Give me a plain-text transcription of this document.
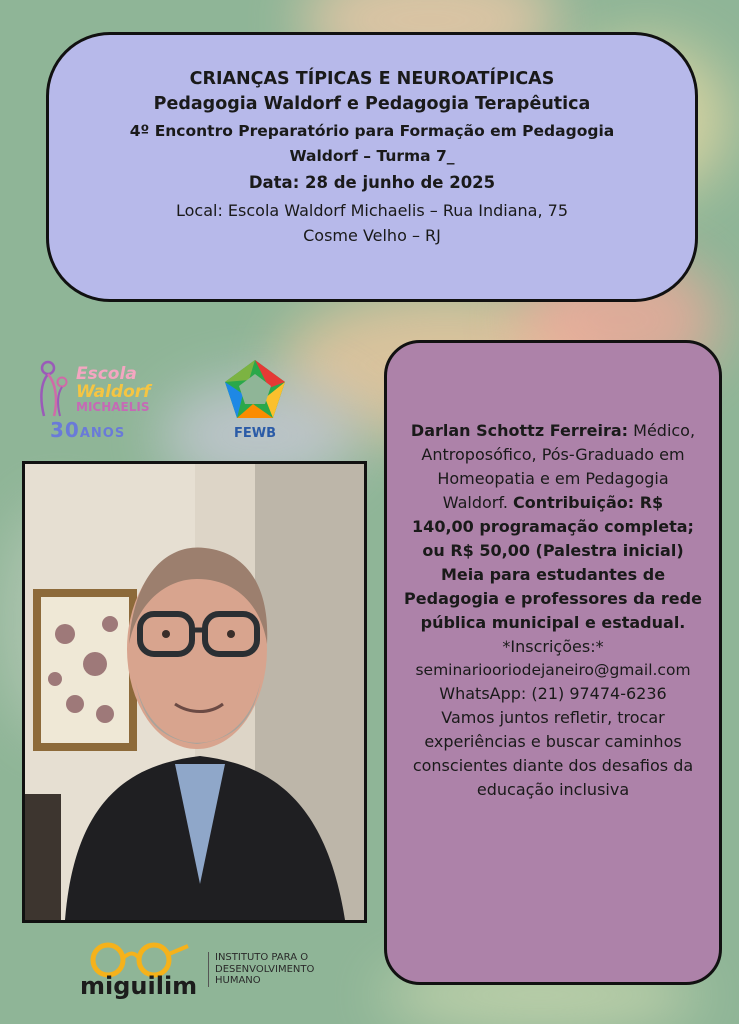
CRIANÇAS TÍPICAS E NEUROATÍPICAS
Pedagogia Waldorf e Pedagogia Terapêutica
4º Encontro Preparatório para Formação em Pedagogia
Waldorf – Turma 7_
Data: 28 de junho de 2025
Local: Escola Waldorf Michaelis – Rua Indiana, 75
Cosme Velho – RJ
Escola
Waldorf
MICHAELIS
30ANOS	FEWB	Darlan Schottz Ferreira: Médico,
Antroposófico, Pós-Graduado em
Homeopatia e em Pedagogia
Waldorf. Contribuição: R$
140,00 programação completa;
ou R$ 50,00 (Palestra inicial)
Meia para estudantes de
Pedagogia e professores da rede
pública municipal e estadual.
*Inscrições:*
seminariooriodejaneiro@gmail.com
WhatsApp: (21) 97474-6236
Vamos juntos refletir, trocar
experiências e buscar caminhos
conscientes diante dos desafios da
educação inclusiva
miguilim
INSTITUTO PARA O
DESENVOLVIMENTO
HUMANO
